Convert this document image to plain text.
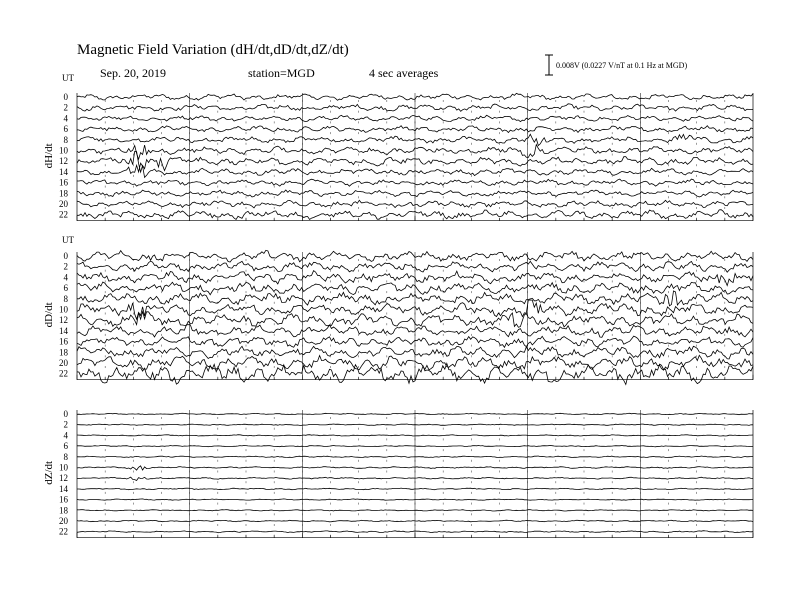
Magnetic Field Variation (dH/dt,dD/dt,dZ/dt)
Sep. 20, 2019	station=MGD	4 sec averages
0.008V (0.0227 V/nT at 0.1 Hz at MGD)
dH/dt
UT
0
2
4
6
8
10
12
14
16
18
20
22
dD/dt
UT
0
2
4
6
8
10
12
14
16
18
20
22
dZ/dt
0
2
4
6
8
10
12
14
16
18
20
22
